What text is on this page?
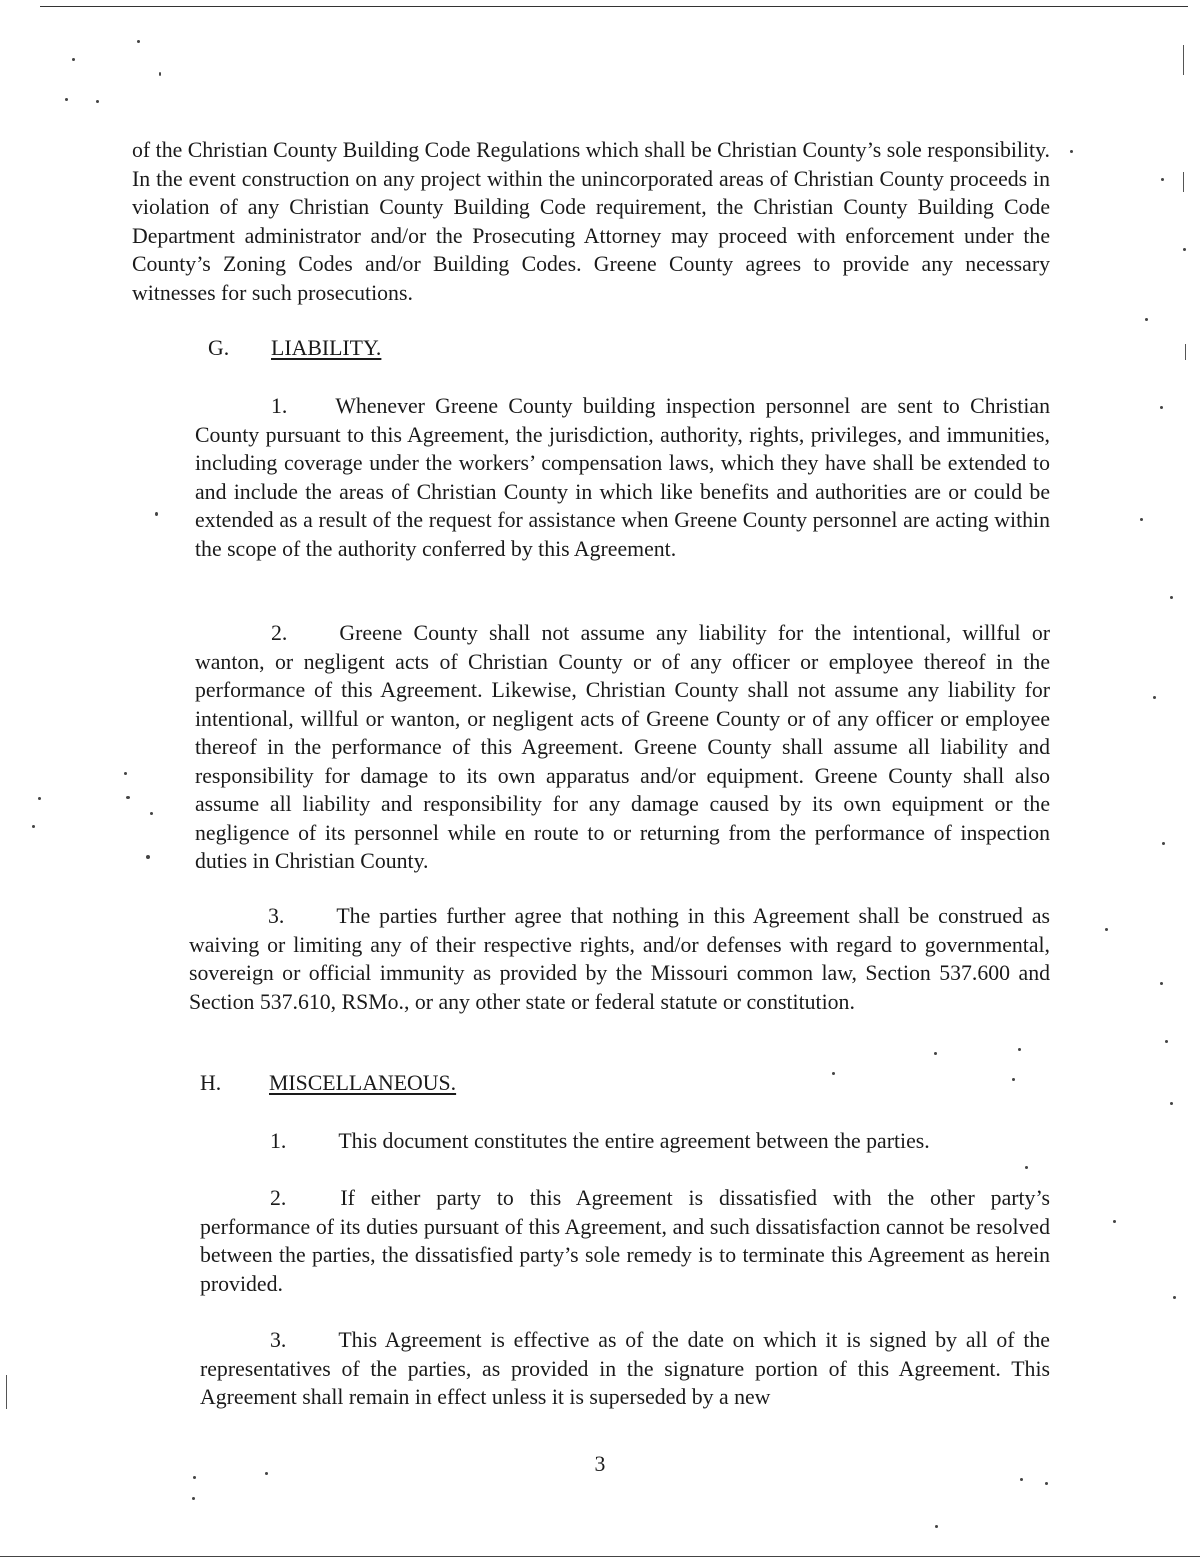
of the Christian County Building Code Regulations which shall be Christian County’s sole responsibility. In the event construction on any project within the unincorporated areas of Christian County proceeds in violation of any Christian County Building Code requirement, the Christian County Building Code Department administrator and/or the Prosecuting Attorney may proceed with enforcement under the County’s Zoning Codes and/or Building Codes. Greene County agrees to provide any necessary witnesses for such prosecutions.

G. LIABILITY.

1. Whenever Greene County building inspection personnel are sent to Christian County pursuant to this Agreement, the jurisdiction, authority, rights, privileges, and immunities, including coverage under the workers’ compensation laws, which they have shall be extended to and include the areas of Christian County in which like benefits and authorities are or could be extended as a result of the request for assistance when Greene County personnel are acting within the scope of the authority conferred by this Agreement.

2. Greene County shall not assume any liability for the intentional, willful or wanton, or negligent acts of Christian County or of any officer or employee thereof in the performance of this Agreement. Likewise, Christian County shall not assume any liability for intentional, willful or wanton, or negligent acts of Greene County or of any officer or employee thereof in the performance of this Agreement. Greene County shall assume all liability and responsibility for damage to its own apparatus and/or equipment. Greene County shall also assume all liability and responsibility for any damage caused by its own equipment or the negligence of its personnel while en route to or returning from the performance of inspection duties in Christian County.

3. The parties further agree that nothing in this Agreement shall be construed as waiving or limiting any of their respective rights, and/or defenses with regard to governmental, sovereign or official immunity as provided by the Missouri common law, Section 537.600 and Section 537.610, RSMo., or any other state or federal statute or constitution.

H. MISCELLANEOUS.

1. This document constitutes the entire agreement between the parties.

2. If either party to this Agreement is dissatisfied with the other party’s performance of its duties pursuant of this Agreement, and such dissatisfaction cannot be resolved between the parties, the dissatisfied party’s sole remedy is to terminate this Agreement as herein provided.

3. This Agreement is effective as of the date on which it is signed by all of the representatives of the parties, as provided in the signature portion of this Agreement. This Agreement shall remain in effect unless it is superseded by a new

3
